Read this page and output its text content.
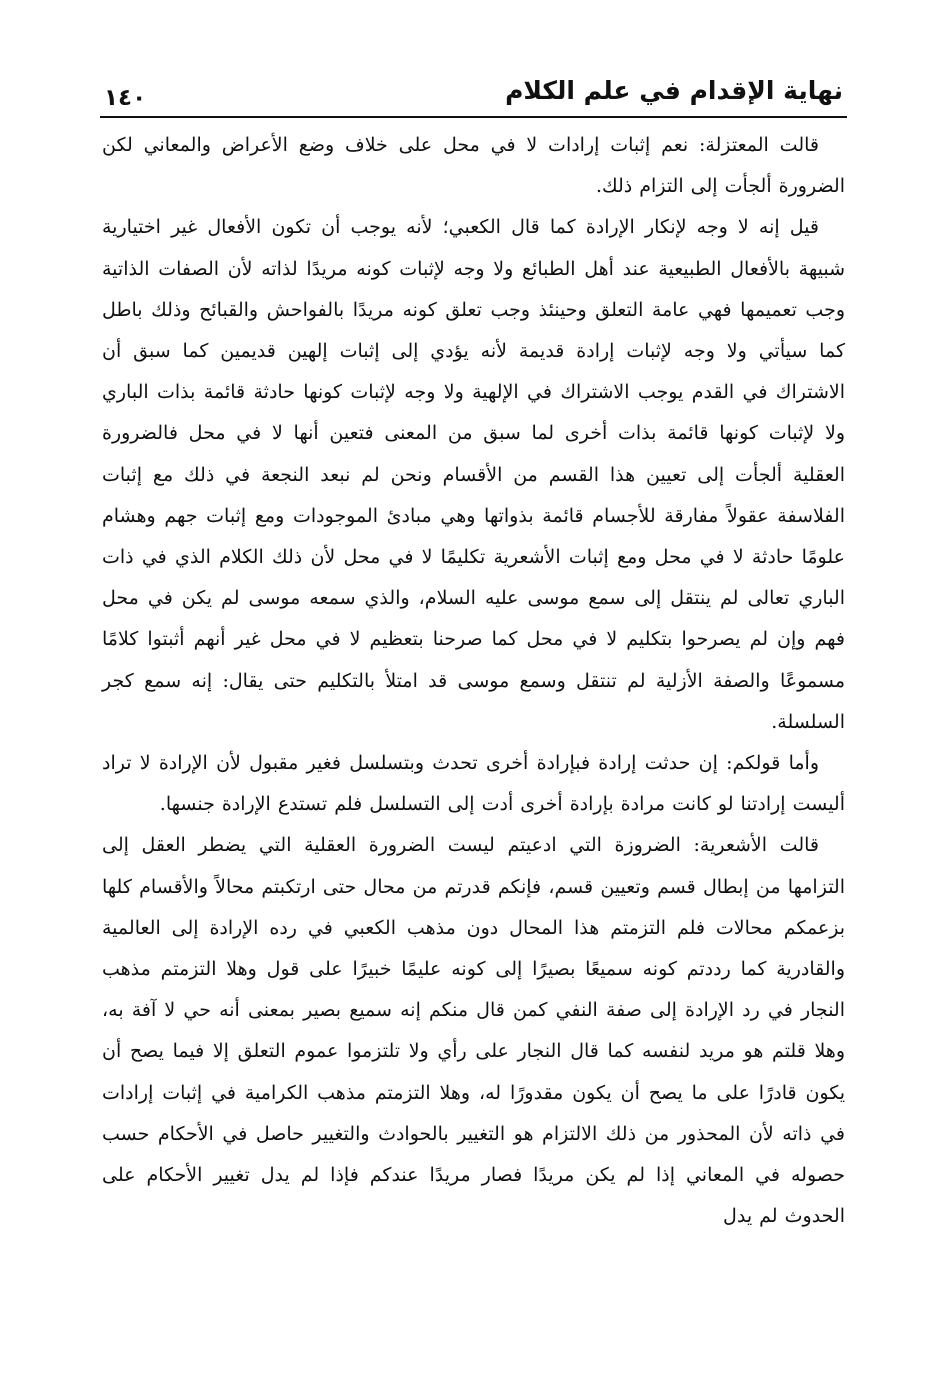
نهاية الإقدام في علم الكلام
١٤٠

قالت المعتزلة: نعم إثبات إرادات لا في محل على خلاف وضع الأعراض والمعاني لكن الضرورة ألجأت إلى التزام ذلك.

قيل إنه لا وجه لإنكار الإرادة كما قال الكعبي؛ لأنه يوجب أن تكون الأفعال غير اختيارية شبيهة بالأفعال الطبيعية عند أهل الطبائع ولا وجه لإثبات كونه مريدًا لذاته لأن الصفات الذاتية وجب تعميمها فهي عامة التعلق وحينئذ وجب تعلق كونه مريدًا بالفواحش والقبائح وذلك باطل كما سيأتي ولا وجه لإثبات إرادة قديمة لأنه يؤدي إلى إثبات إلهين قديمين كما سبق أن الاشتراك في القدم يوجب الاشتراك في الإلهية ولا وجه لإثبات كونها حادثة قائمة بذات الباري ولا لإثبات كونها قائمة بذات أخرى لما سبق من المعنى فتعين أنها لا في محل فالضرورة العقلية ألجأت إلى تعيين هذا القسم من الأقسام ونحن لم نبعد النجعة في ذلك مع إثبات الفلاسفة عقولاً مفارقة للأجسام قائمة بذواتها وهي مبادئ الموجودات ومع إثبات جهم وهشام علومًا حادثة لا في محل ومع إثبات الأشعرية تكليمًا لا في محل لأن ذلك الكلام الذي في ذات الباري تعالى لم ينتقل إلى سمع موسى عليه السلام، والذي سمعه موسى لم يكن في محل فهم وإن لم يصرحوا بتكليم لا في محل كما صرحنا بتعظيم لا في محل غير أنهم أثبتوا كلامًا مسموعًا والصفة الأزلية لم تنتقل وسمع موسى قد امتلأ بالتكليم حتى يقال: إنه سمع كجر السلسلة.

وأما قولكم: إن حدثت إرادة فبإرادة أخرى تحدث وبتسلسل فغير مقبول لأن الإرادة لا تراد أليست إرادتنا لو كانت مرادة بإرادة أخرى أدت إلى التسلسل فلم تستدع الإرادة جنسها.

قالت الأشعرية: الضروزة التي ادعيتم ليست الضرورة العقلية التي يضطر العقل إلى التزامها من إبطال قسم وتعيين قسم، فإنكم قدرتم من محال حتى ارتكبتم محالاً والأقسام كلها بزعمكم محالات فلم التزمتم هذا المحال دون مذهب الكعبي في رده الإرادة إلى العالمية والقادرية كما رددتم كونه سميعًا بصيرًا إلى كونه عليمًا خبيرًا على قول وهلا التزمتم مذهب النجار في رد الإرادة إلى صفة النفي كمن قال منكم إنه سميع بصير بمعنى أنه حي لا آفة به، وهلا قلتم هو مريد لنفسه كما قال النجار على رأي ولا تلتزموا عموم التعلق إلا فيما يصح أن يكون قادرًا على ما يصح أن يكون مقدورًا له، وهلا التزمتم مذهب الكرامية في إثبات إرادات في ذاته لأن المحذور من ذلك الالتزام هو التغيير بالحوادث والتغيير حاصل في الأحكام حسب حصوله في المعاني إذا لم يكن مريدًا فصار مريدًا عندكم فإذا لم يدل تغيير الأحكام على الحدوث لم يدل
